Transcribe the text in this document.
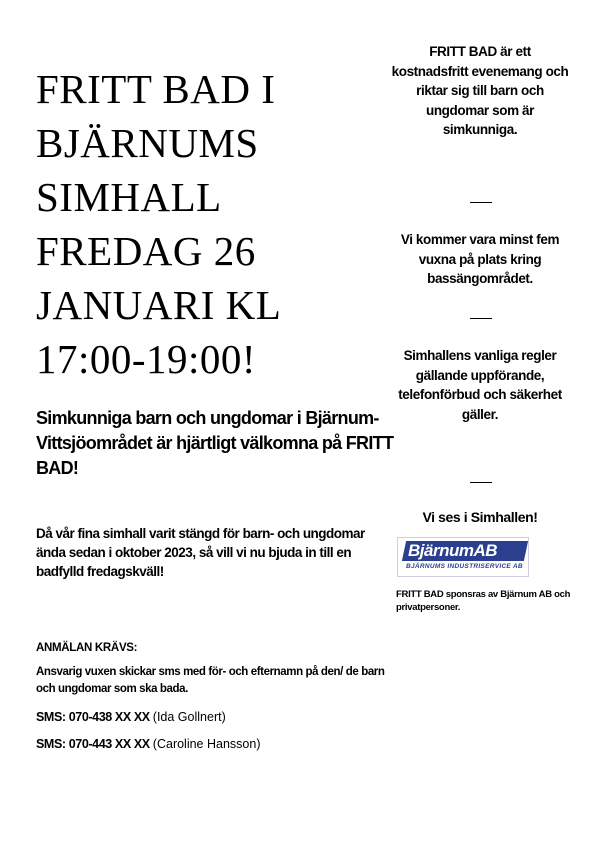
FRITT BAD I
BJÄRNUMS
SIMHALL
FREDAG 26
JANUARI KL
17:00-19:00!
Simkunniga barn och ungdomar i Bjärnum-Vittsjöområdet är hjärtligt välkomna på FRITT BAD!
Då vår fina simhall varit stängd för barn- och ungdomar ända sedan i oktober 2023, så vill vi nu bjuda in till en badfylld fredagskväll!
ANMÄLAN KRÄVS:
Ansvarig vuxen skickar sms med för- och efternamn på den/ de barn och ungdomar som ska bada.
SMS: 070-438 XX XX (Ida Gollnert)
SMS: 070-443 XX XX (Caroline Hansson)
FRITT BAD är ett kostnadsfritt evenemang och riktar sig till barn och ungdomar som är simkunniga.
Vi kommer vara minst fem vuxna på plats kring bassängområdet.
Simhallens vanliga regler gällande uppförande, telefonförbud och säkerhet gäller.
Vi ses i Simhallen!
BjärnumAB
BJÄRNUMS INDUSTRISERVICE AB
FRITT BAD sponsras av Bjärnum AB och privatpersoner.
